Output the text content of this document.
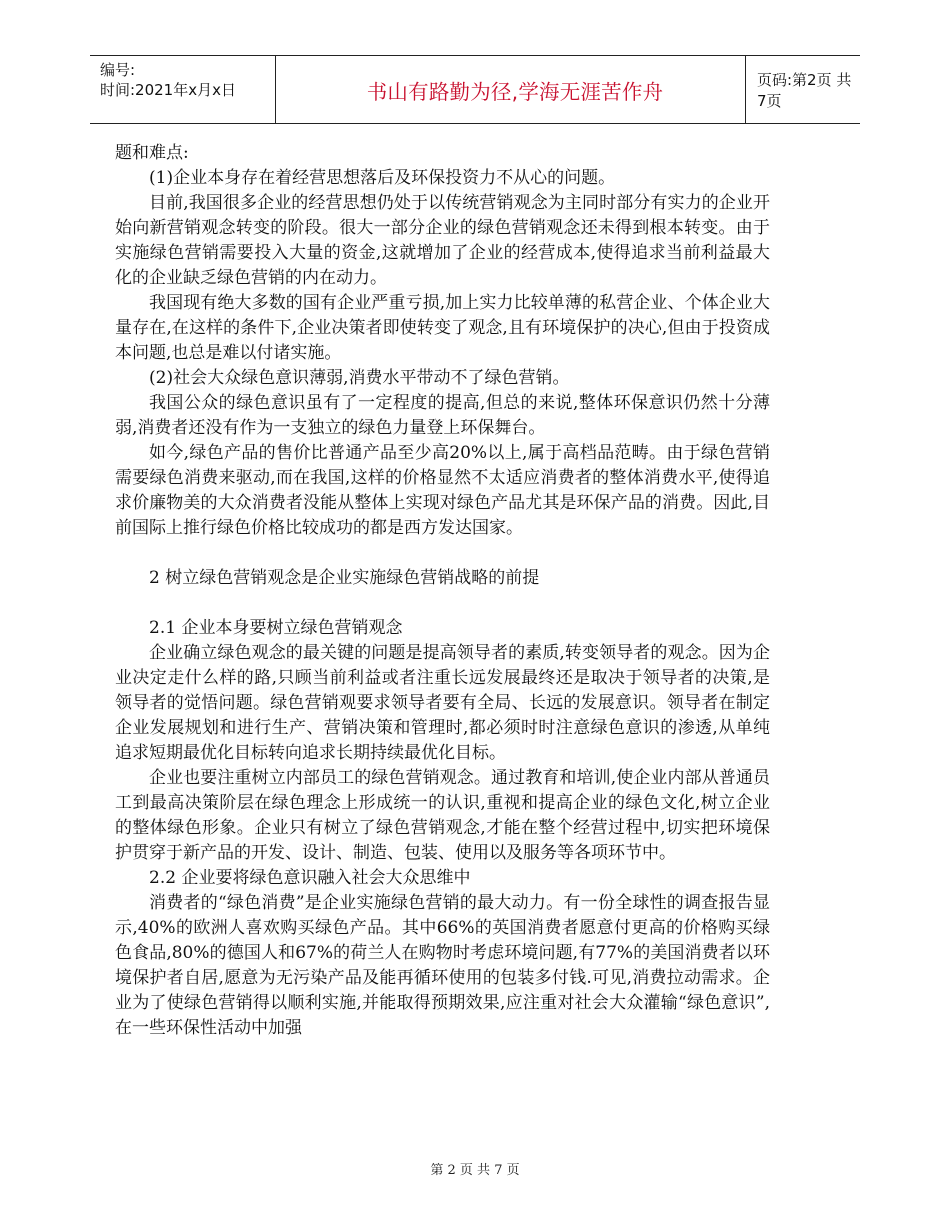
编号:
时间:2021年x月x日	书山有路勤为径,学海无涯苦作舟	页码:第2页 共7页

题和难点:

(1)企业本身存在着经营思想落后及环保投资力不从心的问题。

目前,我国很多企业的经营思想仍处于以传统营销观念为主同时部分有实力的企业开始向新营销观念转变的阶段。很大一部分企业的绿色营销观念还未得到根本转变。由于实施绿色营销需要投入大量的资金,这就增加了企业的经营成本,使得追求当前利益最大化的企业缺乏绿色营销的内在动力。

我国现有绝大多数的国有企业严重亏损,加上实力比较单薄的私营企业、个体企业大量存在,在这样的条件下,企业决策者即使转变了观念,且有环境保护的决心,但由于投资成本问题,也总是难以付诸实施。

(2)社会大众绿色意识薄弱,消费水平带动不了绿色营销。

我国公众的绿色意识虽有了一定程度的提高,但总的来说,整体环保意识仍然十分薄弱,消费者还没有作为一支独立的绿色力量登上环保舞台。

如今,绿色产品的售价比普通产品至少高20%以上,属于高档品范畴。由于绿色营销需要绿色消费来驱动,而在我国,这样的价格显然不太适应消费者的整体消费水平,使得追求价廉物美的大众消费者没能从整体上实现对绿色产品尤其是环保产品的消费。因此,目前国际上推行绿色价格比较成功的都是西方发达国家。

2 树立绿色营销观念是企业实施绿色营销战略的前提

2.1 企业本身要树立绿色营销观念

企业确立绿色观念的最关键的问题是提高领导者的素质,转变领导者的观念。因为企业决定走什么样的路,只顾当前利益或者注重长远发展最终还是取决于领导者的决策,是领导者的觉悟问题。绿色营销观要求领导者要有全局、长远的发展意识。领导者在制定企业发展规划和进行生产、营销决策和管理时,都必须时时注意绿色意识的渗透,从单纯追求短期最优化目标转向追求长期持续最优化目标。

企业也要注重树立内部员工的绿色营销观念。通过教育和培训,使企业内部从普通员工到最高决策阶层在绿色理念上形成统一的认识,重视和提高企业的绿色文化,树立企业的整体绿色形象。企业只有树立了绿色营销观念,才能在整个经营过程中,切实把环境保护贯穿于新产品的开发、设计、制造、包装、使用以及服务等各项环节中。

2.2 企业要将绿色意识融入社会大众思维中

消费者的“绿色消费”是企业实施绿色营销的最大动力。有一份全球性的调查报告显示,40%的欧洲人喜欢购买绿色产品。其中66%的英国消费者愿意付更高的价格购买绿色食品,80%的德国人和67%的荷兰人在购物时考虑环境问题,有77%的美国消费者以环境保护者自居,愿意为无污染产品及能再循环使用的包装多付钱.可见,消费拉动需求。企业为了使绿色营销得以顺利实施,并能取得预期效果,应注重对社会大众灌输“绿色意识”,在一些环保性活动中加强

第 2 页 共 7 页
